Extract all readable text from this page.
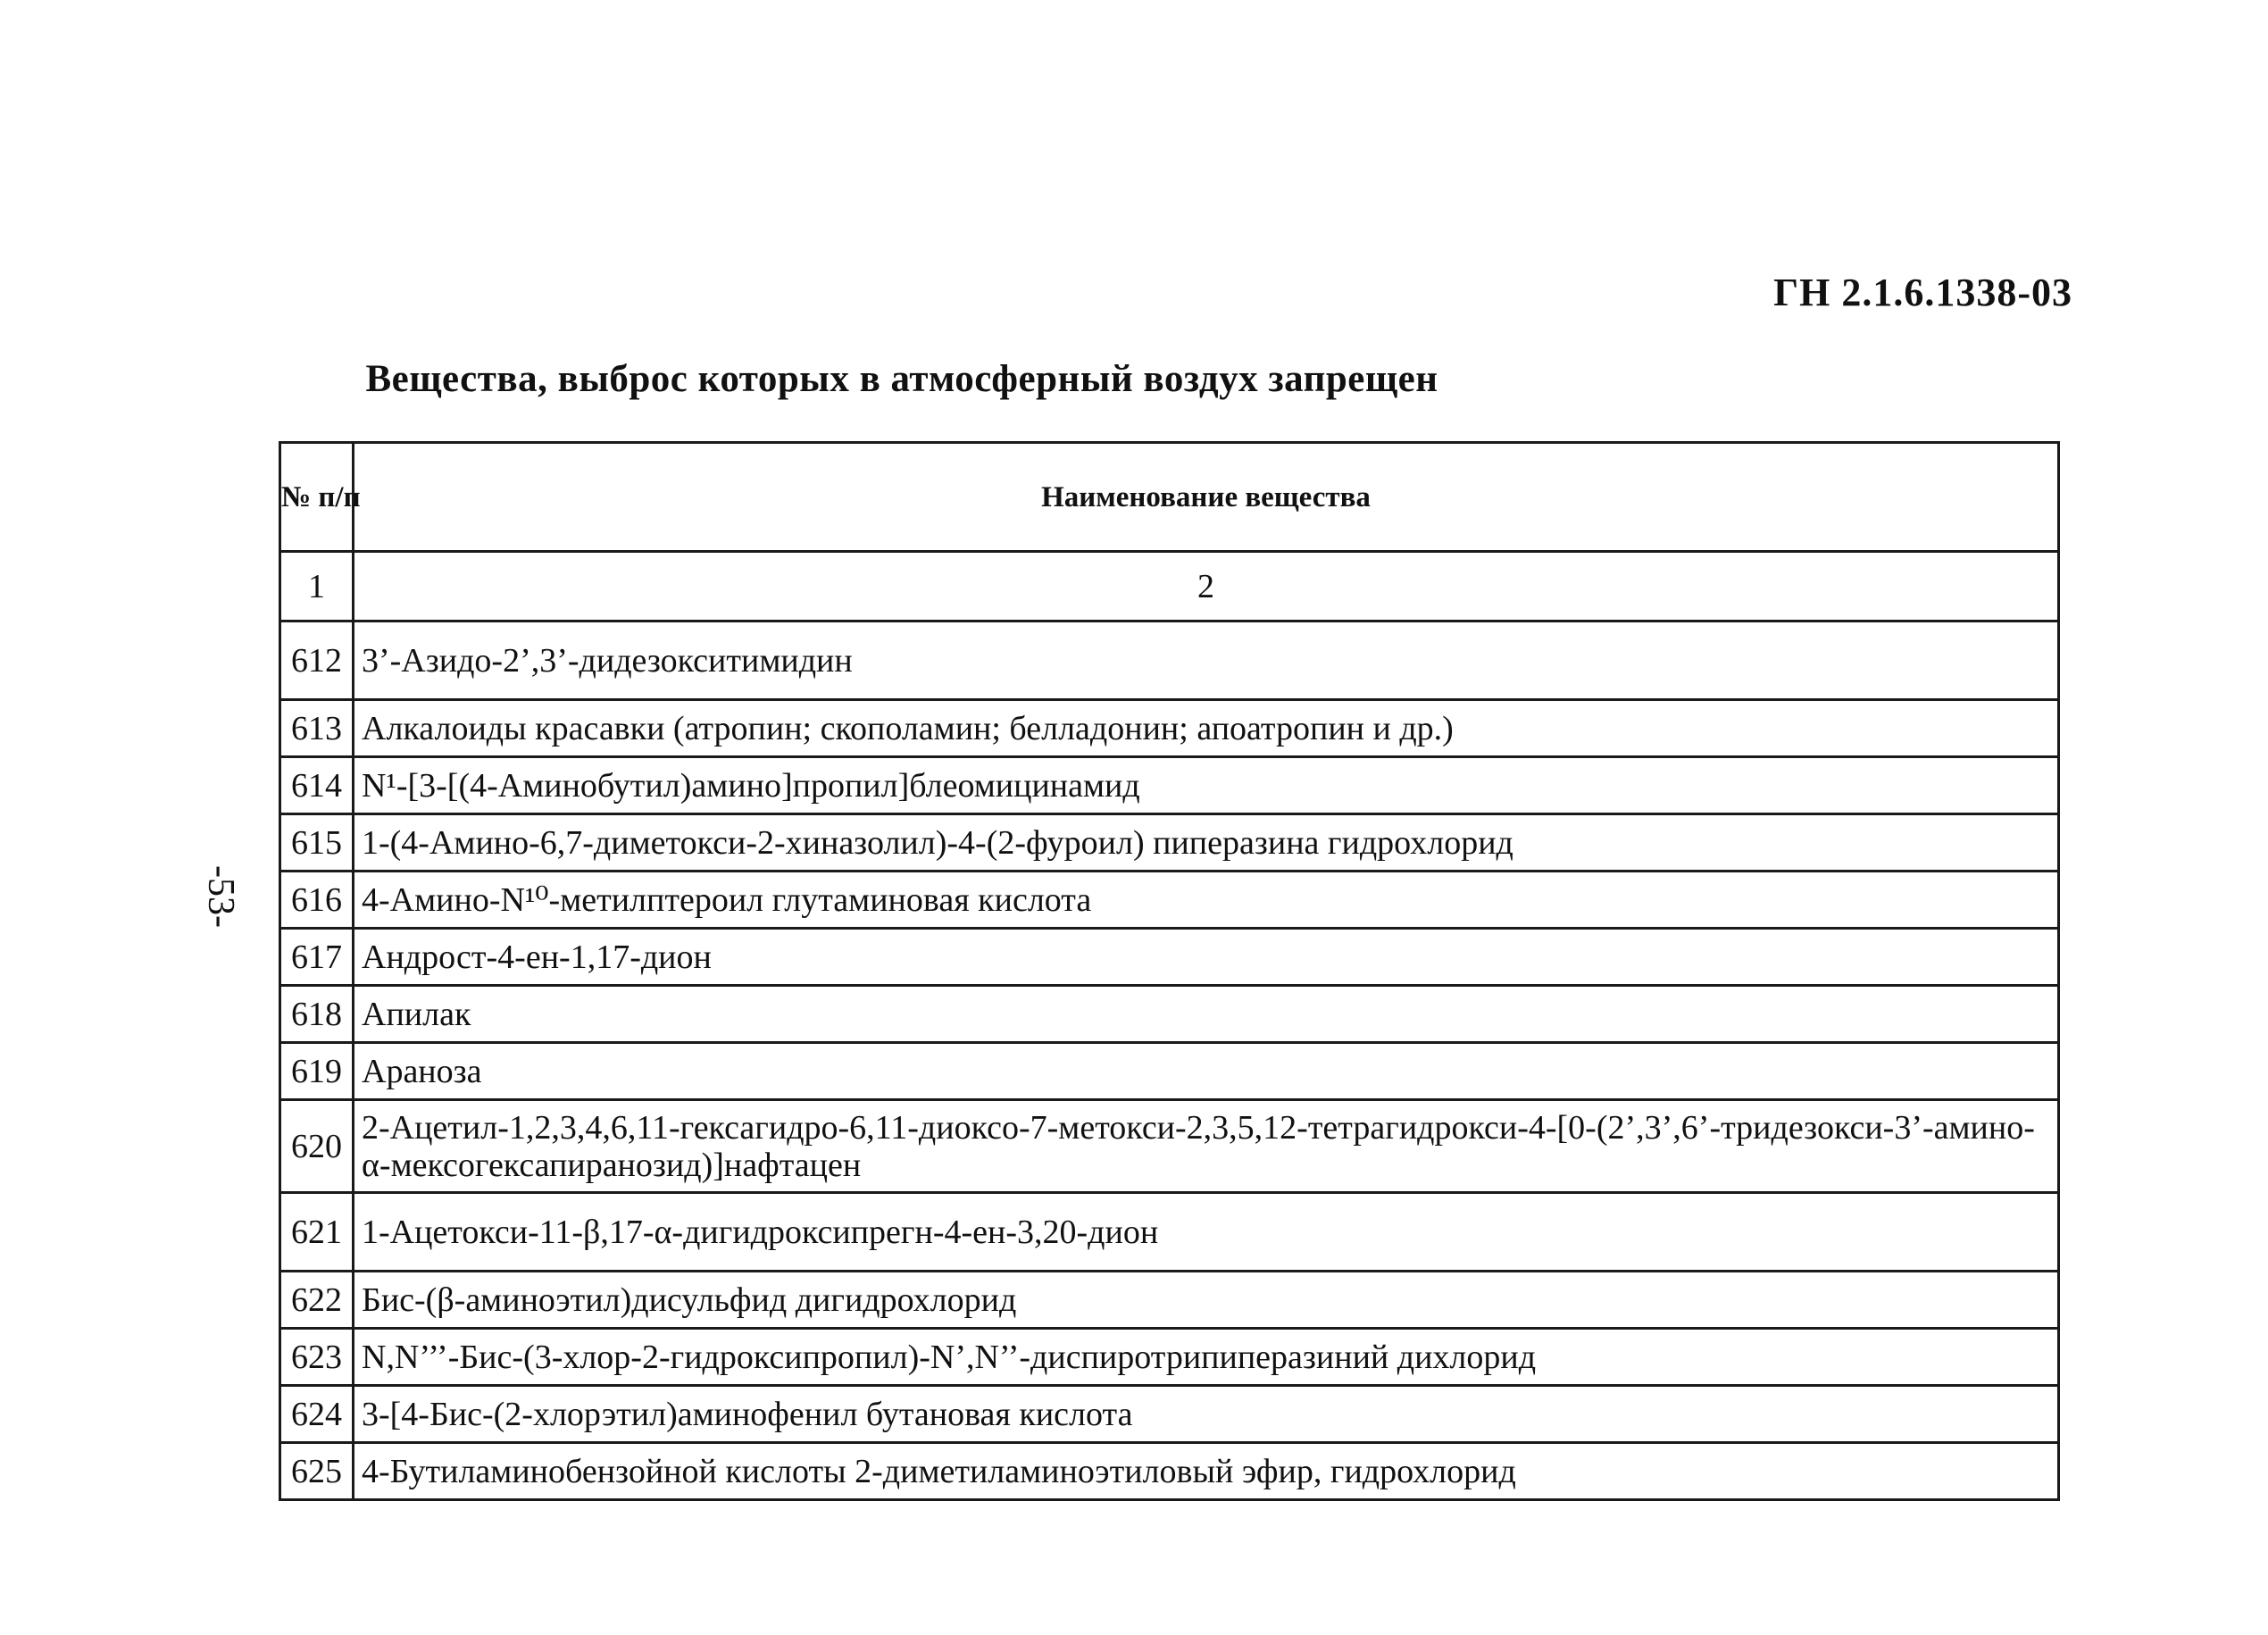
ГН 2.1.6.1338-03
Вещества, выброс которых в атмосферный воздух запрещен
-53-
№ п/п	Наименование вещества
1	2
612	3’-Азидо-2’,3’-дидезокситимидин
613	Алкалоиды красавки (атропин; скополамин; белладонин; апоатропин и др.)
614	N¹-[3-[(4-Аминобутил)амино]пропил]блеомицинамид
615	1-(4-Амино-6,7-диметокси-2-хиназолил)-4-(2-фуроил) пиперазина гидрохлорид
616	4-Амино-N¹⁰-метилптероил глутаминовая кислота
617	Андрост-4-ен-1,17-дион
618	Апилак
619	Араноза
620	2-Ацетил-1,2,3,4,6,11-гексагидро-6,11-диоксо-7-метокси-2,3,5,12-тетрагидрокси-4-[0-(2’,3’,6’-тридезокси-3’-амино-α-мексогексапиранозид)]нафтацен
621	1-Ацетокси-11-β,17-α-дигидроксипрегн-4-ен-3,20-дион
622	Бис-(β-аминоэтил)дисульфид дигидрохлорид
623	N,N’’’-Бис-(3-хлор-2-гидроксипропил)-N’,N’’-диспиротрипиперазиний дихлорид
624	3-[4-Бис-(2-хлорэтил)аминофенил бутановая кислота
625	4-Бутиламинобензойной кислоты 2-диметиламиноэтиловый эфир, гидрохлорид
